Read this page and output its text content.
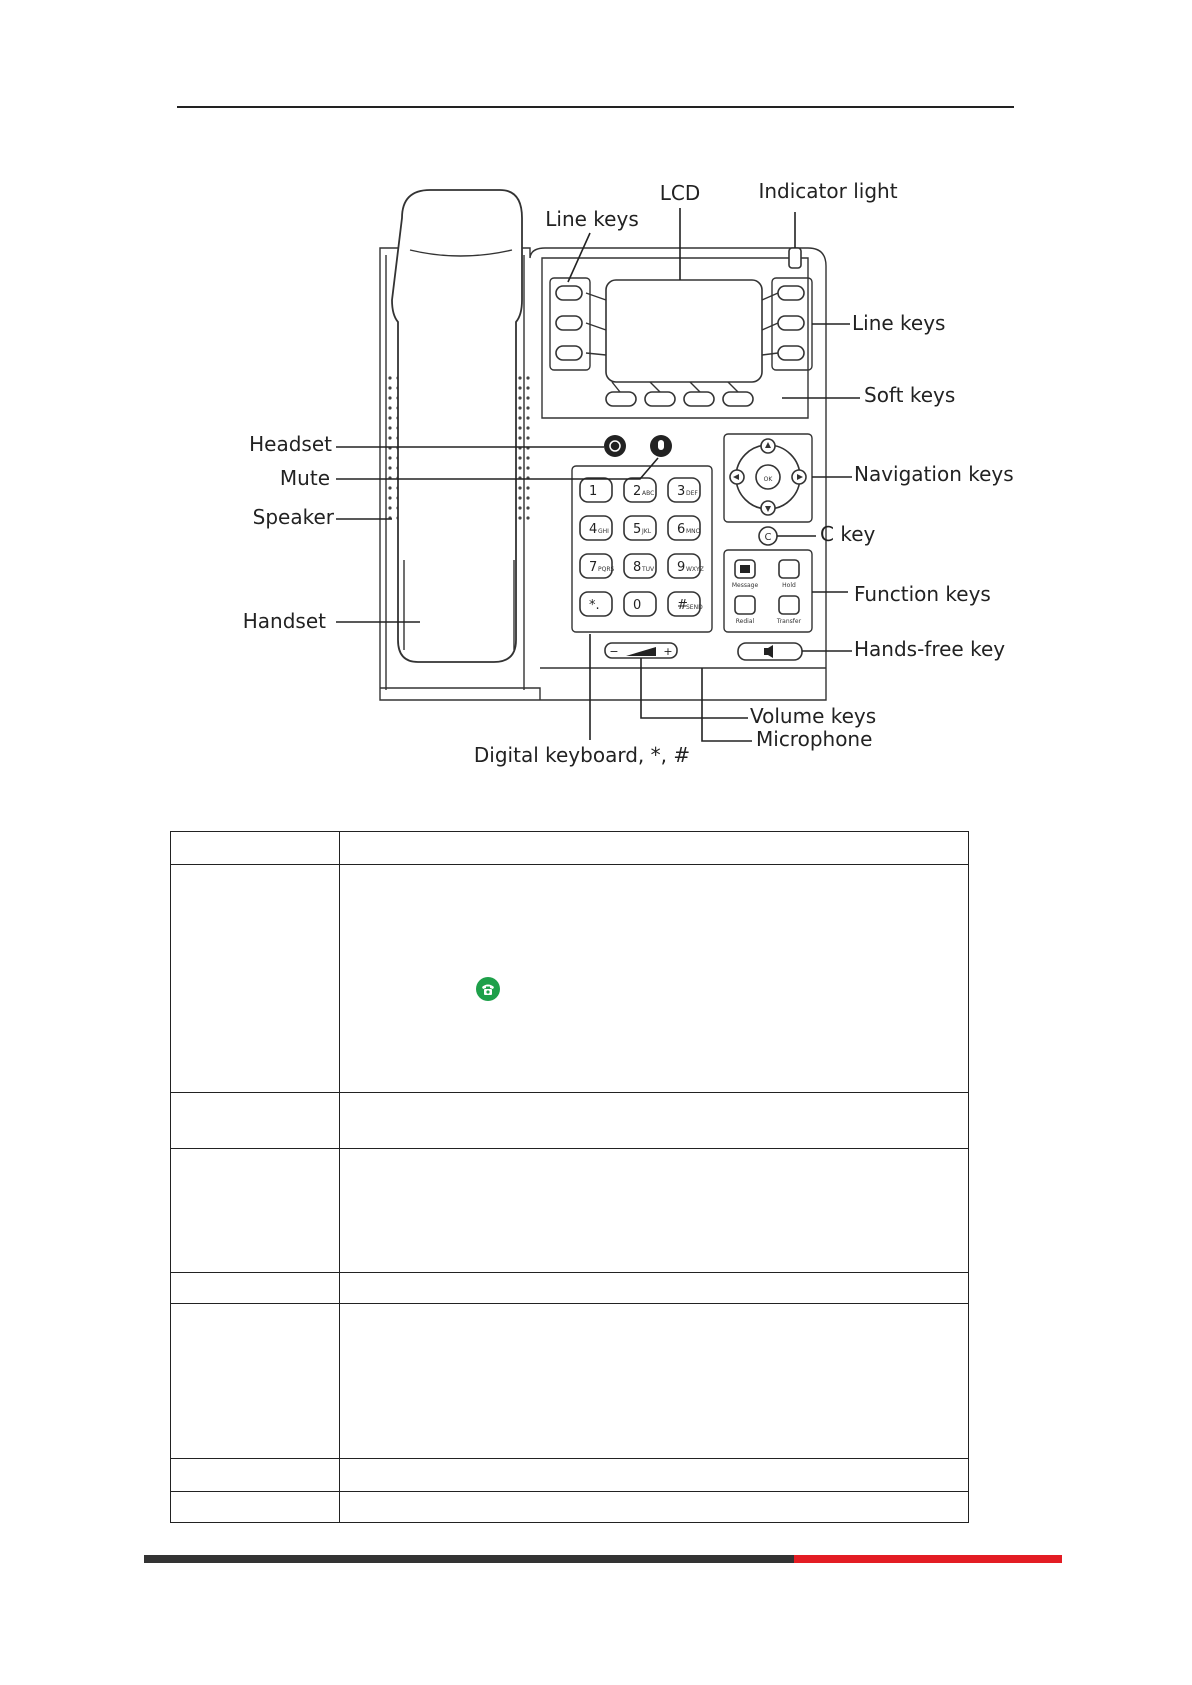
1	2 ABC 3 DEF
4 GHI 5 JKL 6 MNO
7 PQRS 8 TUV 9 WXYZ
*.	0	#
SEND
OK
C
Message	Hold
Redial	Transfer
−	+
LCD	Indicator light
Line keys
Line keys
Soft keys
Headset
Mute
Speaker
Handset
Navigation keys
C key
Function keys
Hands-free key
Volume keys
Microphone
Digital keyboard, *, #
